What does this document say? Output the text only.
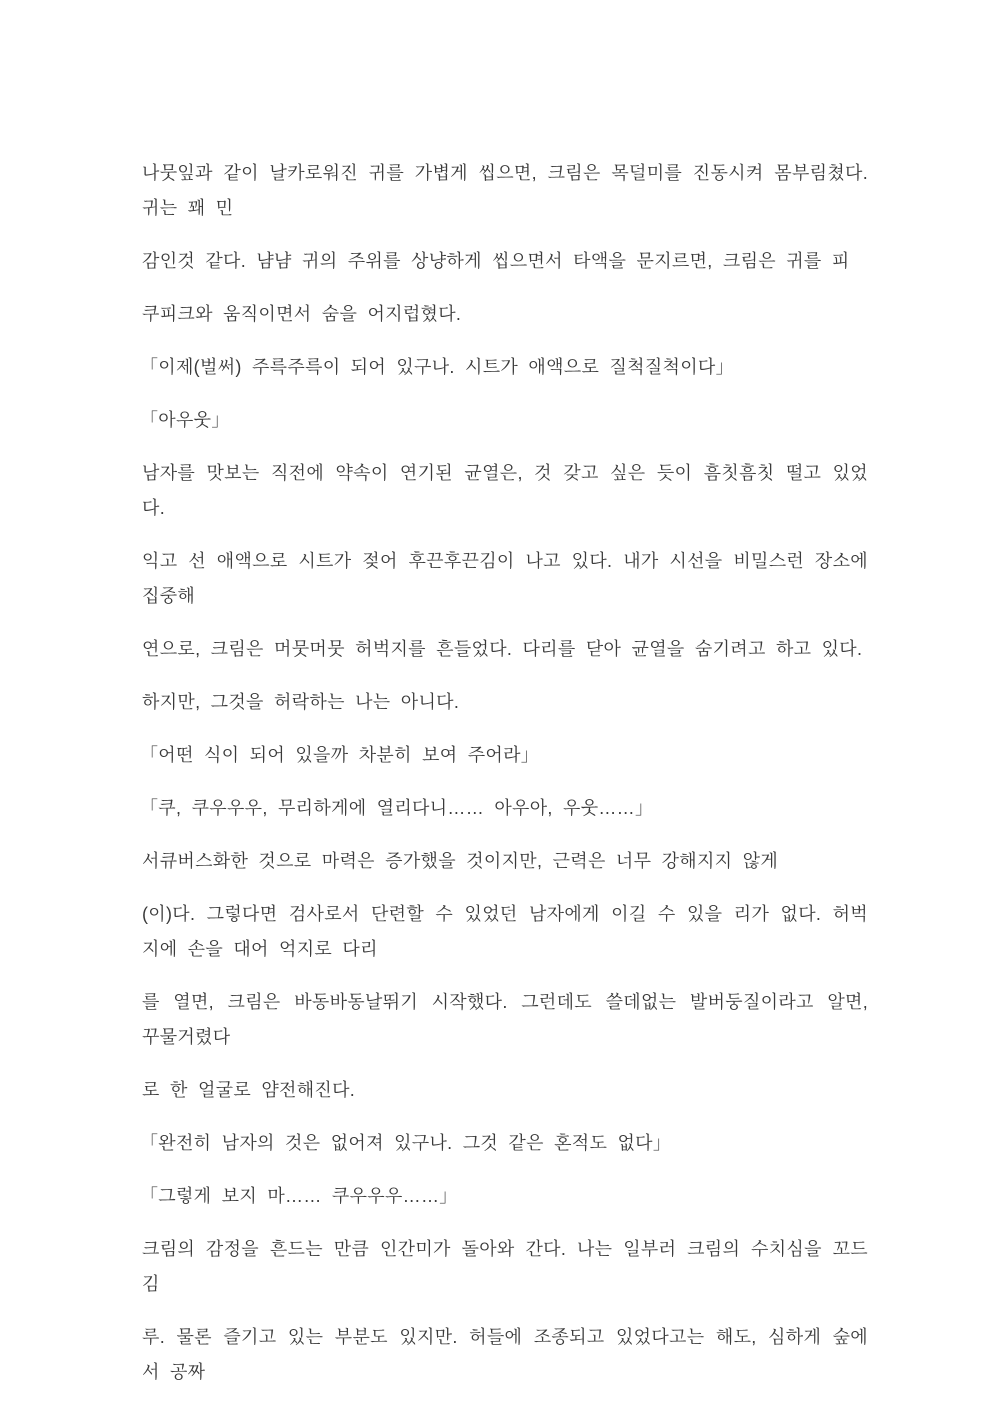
나뭇잎과 같이 날카로워진 귀를 가볍게 씹으면, 크림은 목덜미를 진동시켜 몸부림쳤다. 귀는 꽤 민

감인것 같다. 냠냠 귀의 주위를 상냥하게 씹으면서 타액을 문지르면, 크림은 귀를 피

쿠피크와 움직이면서 숨을 어지럽혔다.

「이제(벌써) 주륵주륵이 되어 있구나. 시트가 애액으로 질척질척이다」

「아우웃」

남자를 맛보는 직전에 약속이 연기된 균열은, 것 갖고 싶은 듯이 흠칫흠칫 떨고 있었다.

익고 선 애액으로 시트가 젖어 후끈후끈김이 나고 있다. 내가 시선을 비밀스런 장소에 집중해

연으로, 크림은 머뭇머뭇 허벅지를 흔들었다. 다리를 닫아 균열을 숨기려고 하고 있다.

하지만, 그것을 허락하는 나는 아니다.

「어떤 식이 되어 있을까 차분히 보여 주어라」

「쿠, 쿠우우우, 무리하게에 열리다니…… 아우아, 우웃……」

서큐버스화한 것으로 마력은 증가했을 것이지만, 근력은 너무 강해지지 않게

(이)다. 그렇다면 검사로서 단련할 수 있었던 남자에게 이길 수 있을 리가 없다. 허벅지에 손을 대어 억지로 다리

를 열면, 크림은 바동바동날뛰기 시작했다. 그런데도 쓸데없는 발버둥질이라고 알면, 꾸물거렸다

로 한 얼굴로 얌전해진다.

「완전히 남자의 것은 없어져 있구나. 그것 같은 혼적도 없다」

「그렇게 보지 마…… 쿠우우우……」

크림의 감정을 흔드는 만큼 인간미가 돌아와 간다. 나는 일부러 크림의 수치심을 꼬드김

루. 물론 즐기고 있는 부분도 있지만. 허들에 조종되고 있었다고는 해도, 심하게 숲에서 공짜
